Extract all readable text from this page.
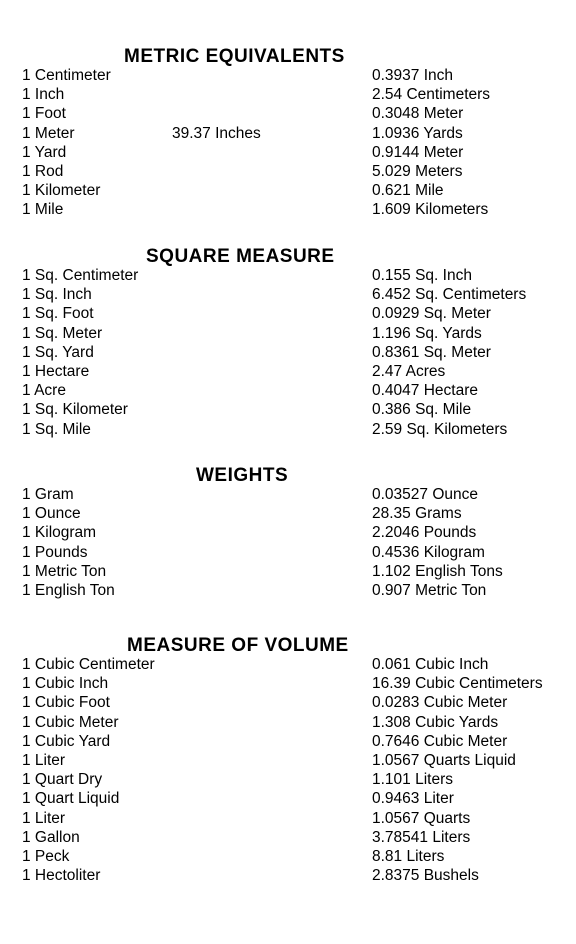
METRIC EQUIVALENTS
1 Centimeter	0.3937 Inch
1 Inch	2.54 Centimeters
1 Foot	0.3048 Meter
1 Meter	39.37 Inches	1.0936 Yards
1 Yard	0.9144 Meter
1 Rod	5.029 Meters
1 Kilometer	0.621 Mile
1 Mile	1.609 Kilometers
SQUARE MEASURE
1 Sq. Centimeter	0.155 Sq. Inch
1 Sq. Inch	6.452 Sq. Centimeters
1 Sq. Foot	0.0929 Sq. Meter
1 Sq. Meter	1.196 Sq. Yards
1 Sq. Yard	0.8361 Sq. Meter
1 Hectare	2.47 Acres
1 Acre	0.4047 Hectare
1 Sq. Kilometer	0.386 Sq. Mile
1 Sq. Mile	2.59 Sq. Kilometers
WEIGHTS
1 Gram	0.03527 Ounce
1 Ounce	28.35 Grams
1 Kilogram	2.2046 Pounds
1 Pounds	0.4536 Kilogram
1 Metric Ton	1.102 English Tons
1 English Ton	0.907 Metric Ton
MEASURE OF VOLUME
1 Cubic Centimeter	0.061 Cubic Inch
1 Cubic Inch	16.39 Cubic Centimeters
1 Cubic Foot	0.0283 Cubic Meter
1 Cubic Meter	1.308 Cubic Yards
1 Cubic Yard	0.7646 Cubic Meter
1 Liter	1.0567 Quarts Liquid
1 Quart Dry	1.101 Liters
1 Quart Liquid	0.9463 Liter
1 Liter	1.0567 Quarts
1 Gallon	3.78541 Liters
1 Peck	8.81 Liters
1 Hectoliter	2.8375 Bushels
